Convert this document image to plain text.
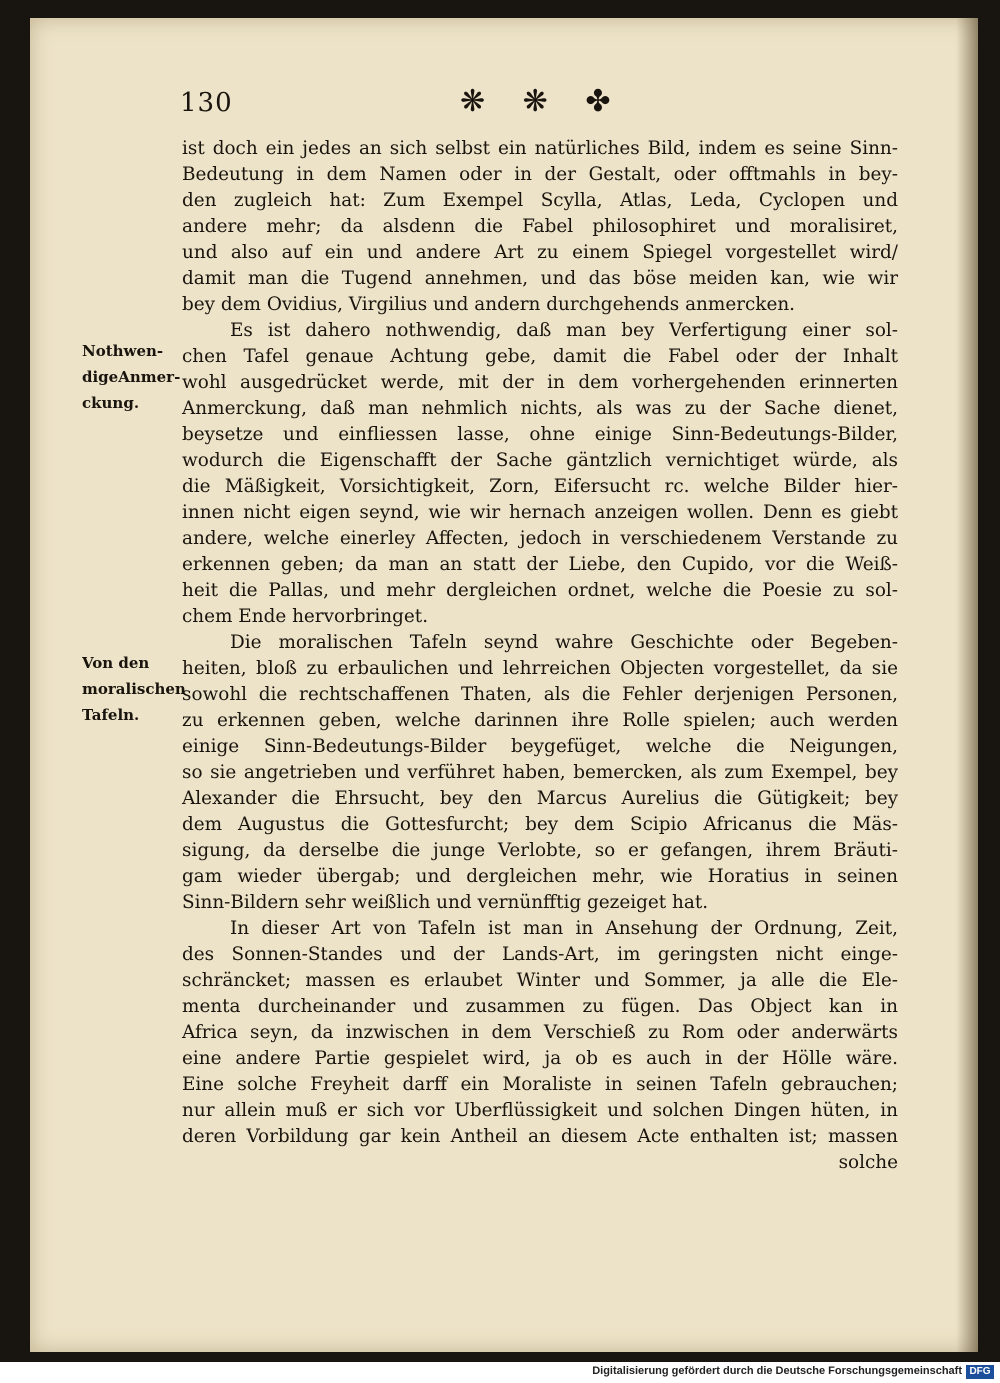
130	❋ ❋ ✤
Nothwen-
digeAnmer-
ckung.
Von den
moralischen
Tafeln.
ist doch ein jedes an sich selbst ein natürliches Bild, indem es seine Sinn-
Bedeutung in dem Namen oder in der Gestalt, oder offtmahls in bey-
den zugleich hat: Zum Exempel Scylla, Atlas, Leda, Cyclopen und
andere mehr; da alsdenn die Fabel philosophiret und moralisiret,
und also auf ein und andere Art zu einem Spiegel vorgestellet wird/
damit man die Tugend annehmen, und das böse meiden kan, wie wir
bey dem Ovidius, Virgilius und andern durchgehends anmercken.
Es ist dahero nothwendig, daß man bey Verfertigung einer sol-
chen Tafel genaue Achtung gebe, damit die Fabel oder der Inhalt
wohl ausgedrücket werde, mit der in dem vorhergehenden erinnerten
Anmerckung, daß man nehmlich nichts, als was zu der Sache dienet,
beysetze und einfliessen lasse, ohne einige Sinn-Bedeutungs-Bilder,
wodurch die Eigenschafft der Sache gäntzlich vernichtiget würde, als
die Mäßigkeit, Vorsichtigkeit, Zorn, Eifersucht rc. welche Bilder hier-
innen nicht eigen seynd, wie wir hernach anzeigen wollen. Denn es giebt
andere, welche einerley Affecten, jedoch in verschiedenem Verstande zu
erkennen geben; da man an statt der Liebe, den Cupido, vor die Weiß-
heit die Pallas, und mehr dergleichen ordnet, welche die Poesie zu sol-
chem Ende hervorbringet.
Die moralischen Tafeln seynd wahre Geschichte oder Begeben-
heiten, bloß zu erbaulichen und lehrreichen Objecten vorgestellet, da sie
sowohl die rechtschaffenen Thaten, als die Fehler derjenigen Personen,
zu erkennen geben, welche darinnen ihre Rolle spielen; auch werden
einige Sinn-Bedeutungs-Bilder beygefüget, welche die Neigungen,
so sie angetrieben und verführet haben, bemercken, als zum Exempel, bey
Alexander die Ehrsucht, bey den Marcus Aurelius die Gütigkeit; bey
dem Augustus die Gottesfurcht; bey dem Scipio Africanus die Mäs-
sigung, da derselbe die junge Verlobte, so er gefangen, ihrem Bräuti-
gam wieder übergab; und dergleichen mehr, wie Horatius in seinen
Sinn-Bildern sehr weißlich und vernünfftig gezeiget hat.
In dieser Art von Tafeln ist man in Ansehung der Ordnung, Zeit,
des Sonnen-Standes und der Lands-Art, im geringsten nicht einge-
schräncket; massen es erlaubet Winter und Sommer, ja alle die Ele-
menta durcheinander und zusammen zu fügen. Das Object kan in
Africa seyn, da inzwischen in dem Verschieß zu Rom oder anderwärts
eine andere Partie gespielet wird, ja ob es auch in der Hölle wäre.
Eine solche Freyheit darff ein Moraliste in seinen Tafeln gebrauchen;
nur allein muß er sich vor Uberflüssigkeit und solchen Dingen hüten, in
deren Vorbildung gar kein Antheil an diesem Acte enthalten ist; massen
solche
Digitalisierung gefördert durch die Deutsche Forschungsgemeinschaft DFG
